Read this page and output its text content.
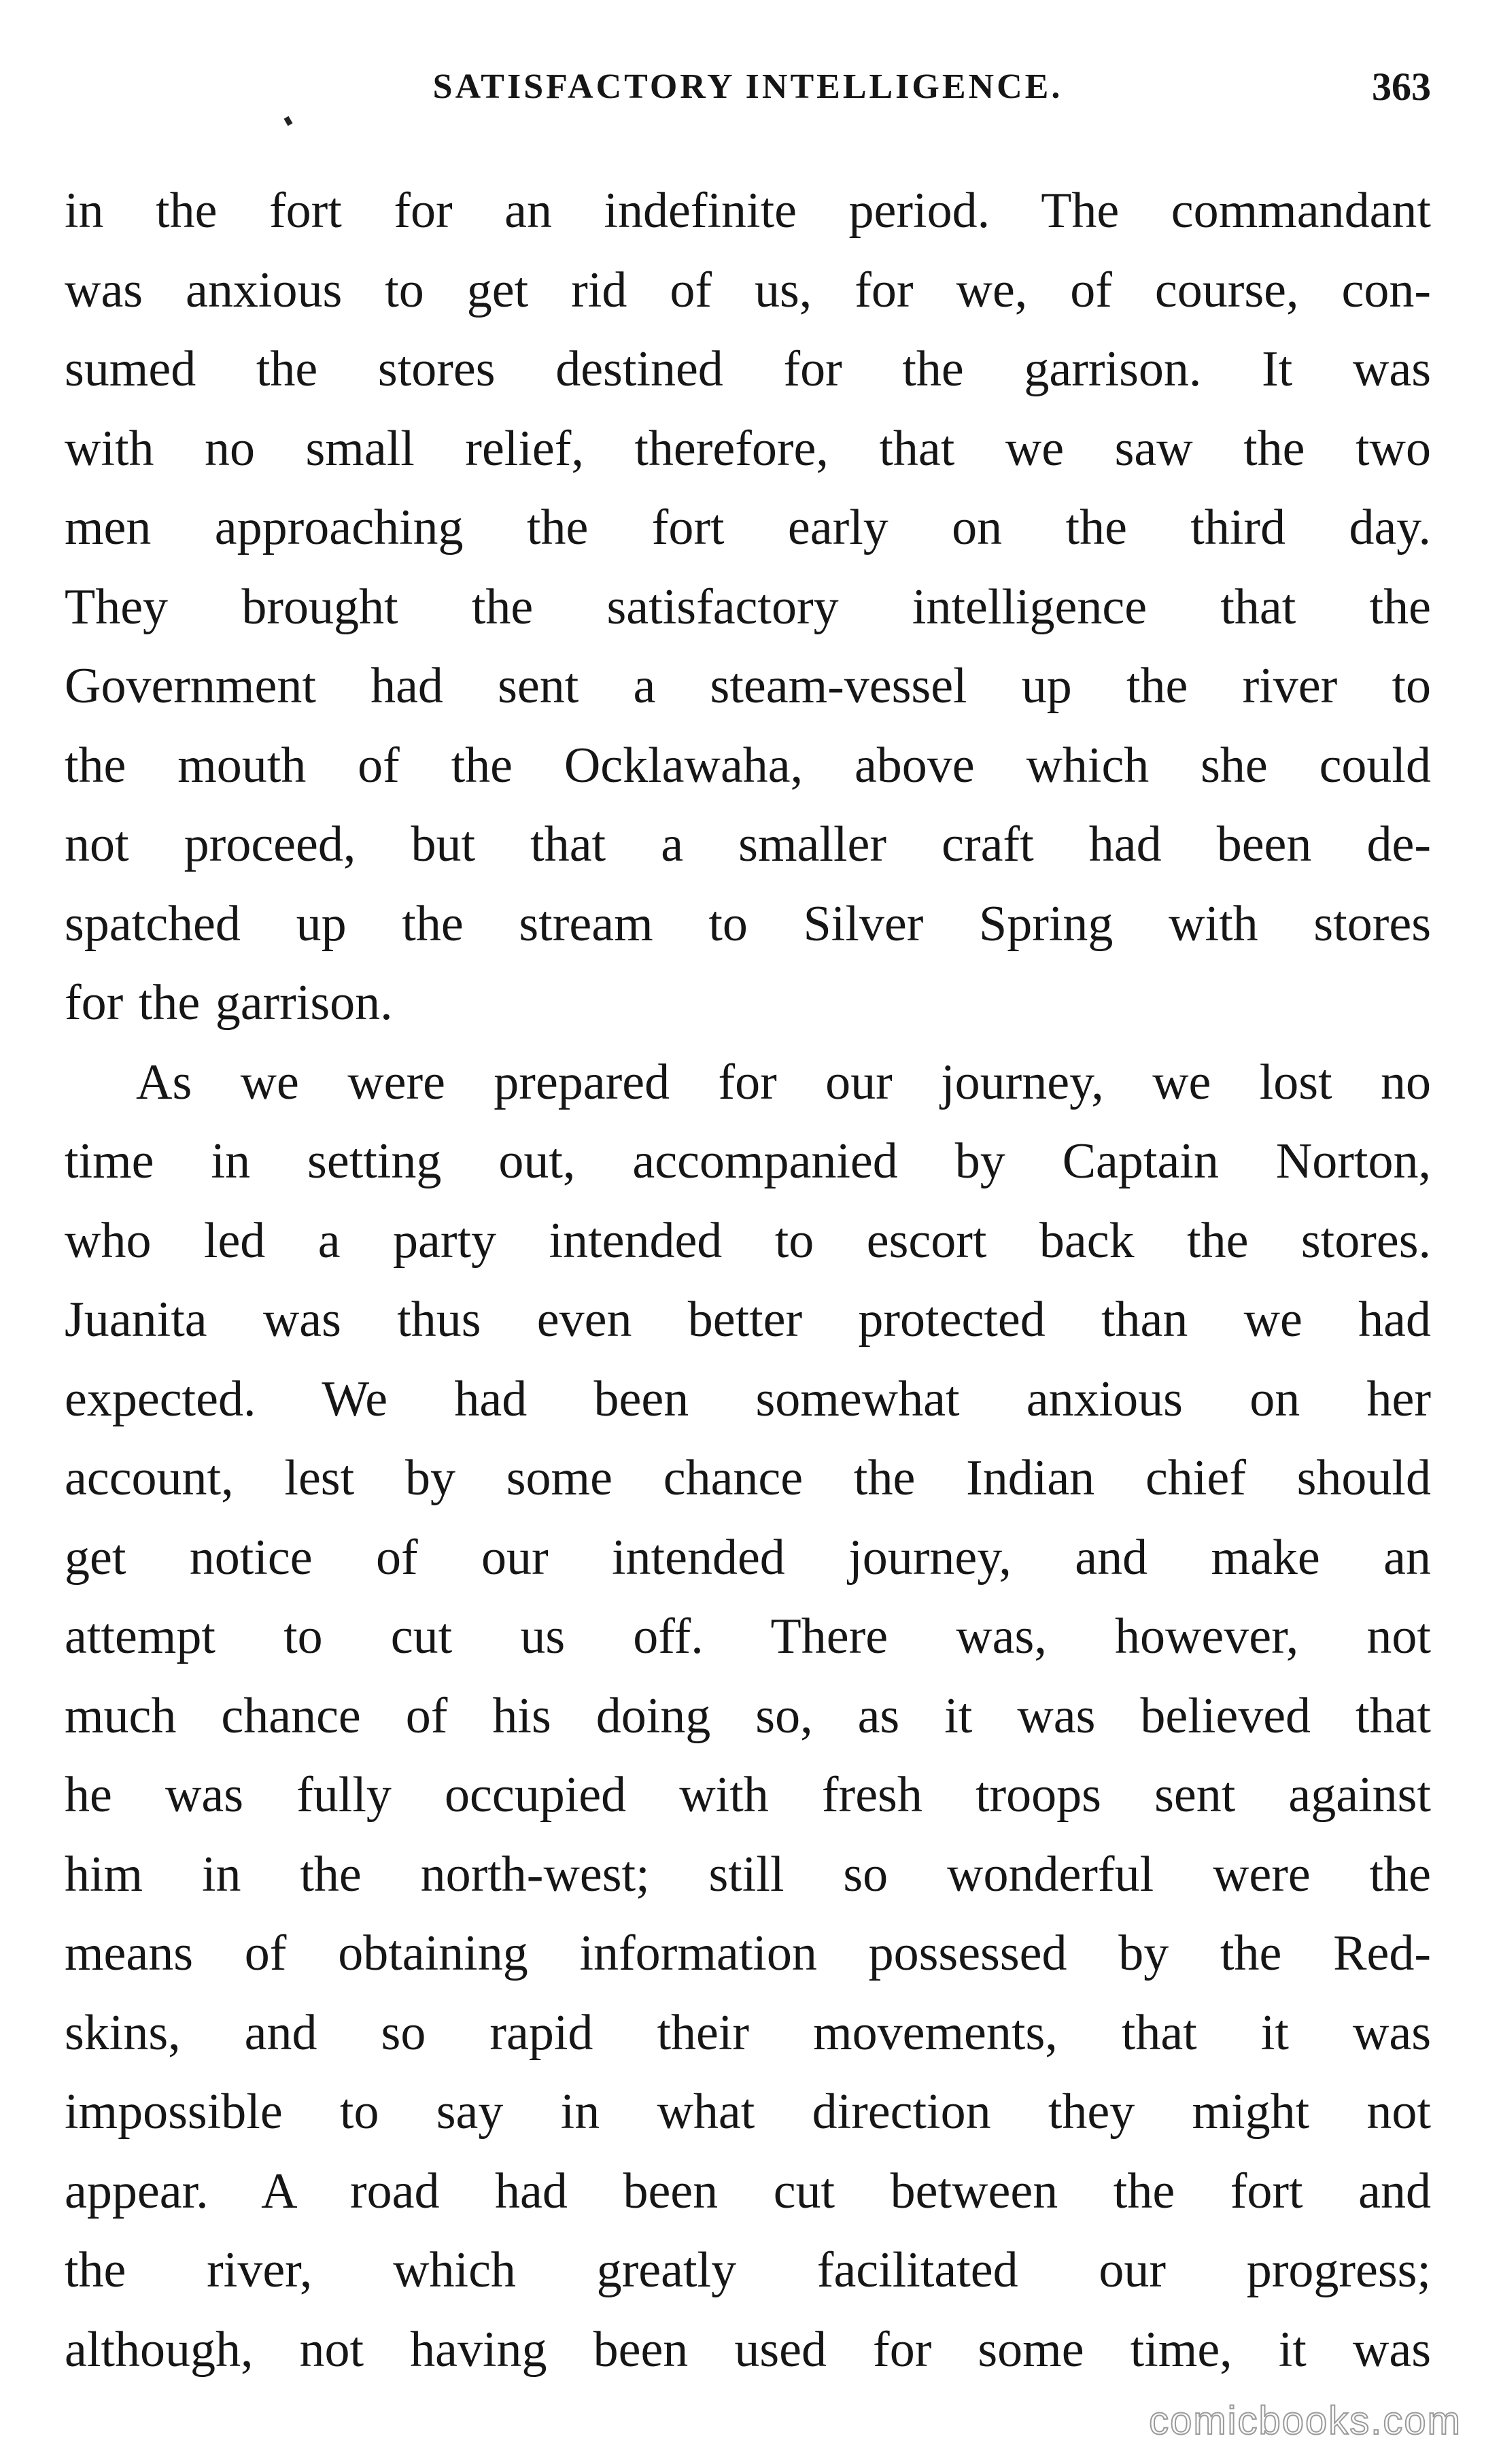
SATISFACTORY INTELLIGENCE.	363
in the fort for an indefinite period. The commandant
was anxious to get rid of us, for we, of course, con-
sumed the stores destined for the garrison. It was
with no small relief, therefore, that we saw the two
men approaching the fort early on the third day.
They brought the satisfactory intelligence that the
Government had sent a steam-vessel up the river to
the mouth of the Ocklawaha, above which she could
not proceed, but that a smaller craft had been de-
spatched up the stream to Silver Spring with stores
for the garrison.
As we were prepared for our journey, we lost no
time in setting out, accompanied by Captain Norton,
who led a party intended to escort back the stores.
Juanita was thus even better protected than we had
expected. We had been somewhat anxious on her
account, lest by some chance the Indian chief should
get notice of our intended journey, and make an
attempt to cut us off. There was, however, not
much chance of his doing so, as it was believed that
he was fully occupied with fresh troops sent against
him in the north-west; still so wonderful were the
means of obtaining information possessed by the Red-
skins, and so rapid their movements, that it was
impossible to say in what direction they might not
appear. A road had been cut between the fort and
the river, which greatly facilitated our progress;
although, not having been used for some time, it was
comicbooks.com
